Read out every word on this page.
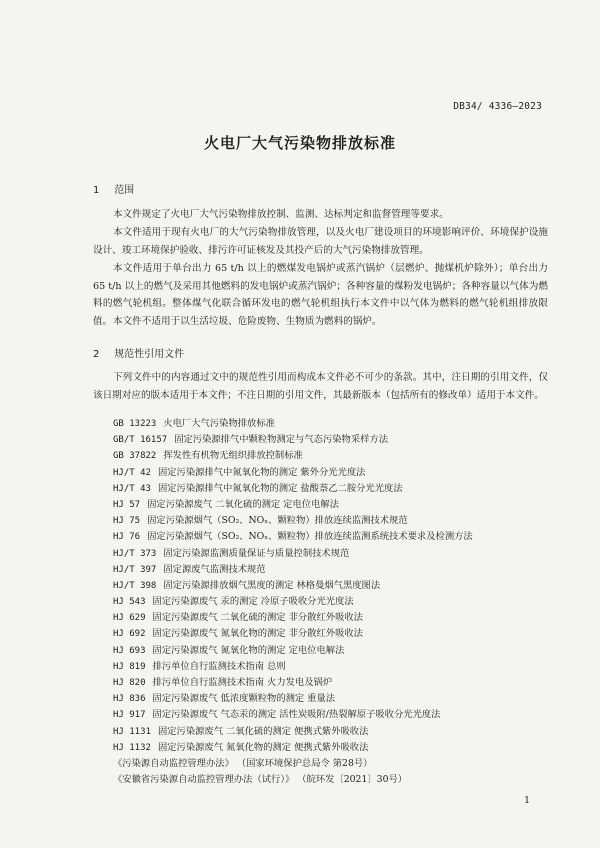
DB34/ 4336—2023
火电厂大气污染物排放标准
1 范围

本文件规定了火电厂大气污染物排放控制、监测、达标判定和监督管理等要求。

本文件适用于现有火电厂的大气污染物排放管理，以及火电厂建设项目的环境影响评价、环境保护设施设计、竣工环境保护验收、排污许可证核发及其投产后的大气污染物排放管理。

本文件适用于单台出力 65 t/h 以上的燃煤发电锅炉或蒸汽锅炉（层燃炉、抛煤机炉除外）；单台出力 65 t/h 以上的燃气及采用其他燃料的发电锅炉或蒸汽锅炉；各种容量的煤粉发电锅炉；各种容量以气体为燃料的燃气轮机组。整体煤气化联合循环发电的燃气轮机组执行本文件中以气体为燃料的燃气轮机组排放限值。 本文件不适用于以生活垃圾、危险废物、生物质为燃料的锅炉。

2 规范性引用文件

下列文件中的内容通过文中的规范性引用而构成本文件必不可少的条款。其中，注日期的引用文件，仅该日期对应的版本适用于本文件；不注日期的引用文件，其最新版本（包括所有的修改单）适用于本文件。

GB 13223 火电厂大气污染物排放标准
GB/T 16157 固定污染源排气中颗粒物测定与气态污染物采样方法
GB 37822 挥发性有机物无组织排放控制标准
HJ/T 42 固定污染源排气中氮氧化物的测定 紫外分光光度法
HJ/T 43 固定污染源排气中氮氧化物的测定 盐酸萘乙二胺分光光度法
HJ 57 固定污染源废气 二氧化硫的测定 定电位电解法
HJ 75 固定污染源烟气（SO₂、NOₓ、颗粒物）排放连续监测技术规范
HJ 76 固定污染源烟气（SO₂、NOₓ、颗粒物）排放连续监测系统技术要求及检测方法
HJ/T 373 固定污染源监测质量保证与质量控制技术规范
HJ/T 397 固定源废气监测技术规范
HJ/T 398 固定污染源排放烟气黑度的测定 林格曼烟气黑度图法
HJ 543 固定污染源废气 汞的测定 冷原子吸收分光光度法
HJ 629 固定污染源废气 二氧化硫的测定 非分散红外吸收法
HJ 692 固定污染源废气 氮氧化物的测定 非分散红外吸收法
HJ 693 固定污染源废气 氮氧化物的测定 定电位电解法
HJ 819 排污单位自行监测技术指南 总则
HJ 820 排污单位自行监测技术指南 火力发电及锅炉
HJ 836 固定污染源废气 低浓度颗粒物的测定 重量法
HJ 917 固定污染源废气 气态汞的测定 活性炭吸附/热裂解原子吸收分光光度法
HJ 1131 固定污染源废气 二氧化硫的测定 便携式紫外吸收法
HJ 1132 固定污染源废气 氮氧化物的测定 便携式紫外吸收法
《污染源自动监控管理办法》 （国家环境保护总局令 第28号）
《安徽省污染源自动监控管理办法（试行）》 （皖环发〔2021〕30号）
1
